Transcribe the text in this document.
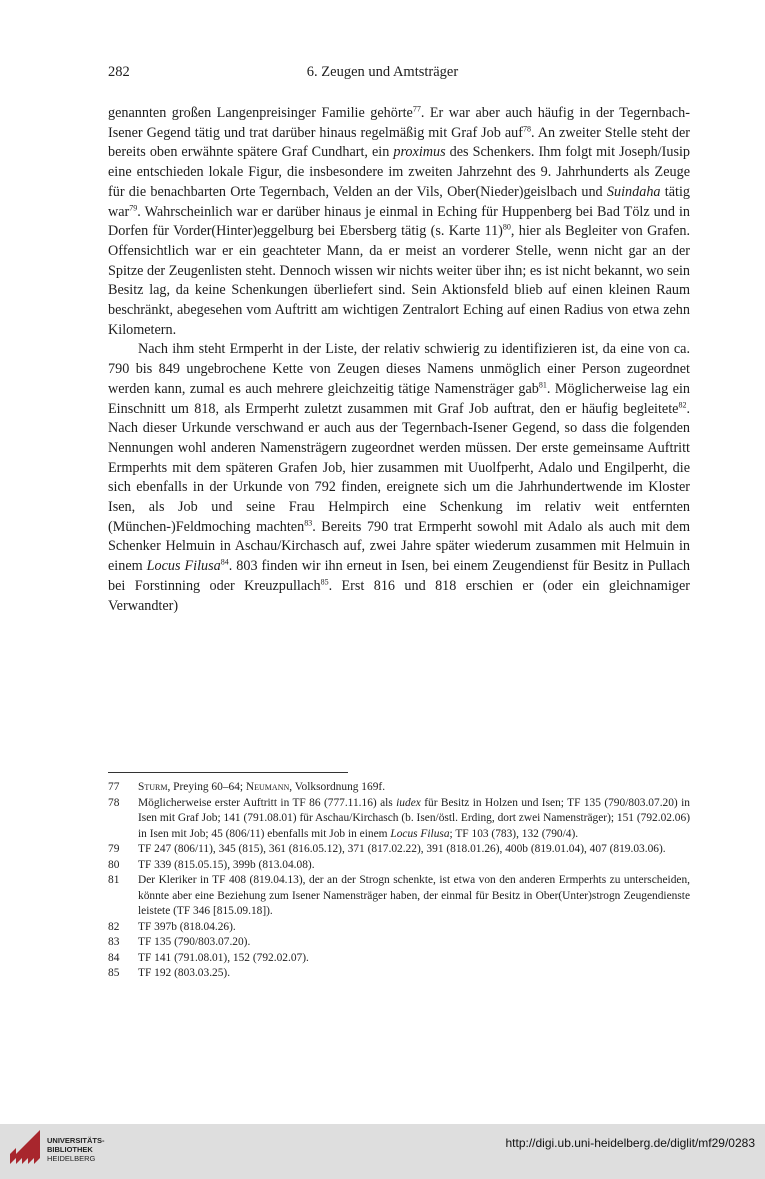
282	6. Zeugen und Amtsträger

genannten großen Langenpreisinger Familie gehörte$^{77}$. Er war aber auch häufig in der Tegernbach-Isener Gegend tätig und trat darüber hinaus regelmäßig mit Graf Job auf$^{78}$. An zweiter Stelle steht der bereits oben erwähnte spätere Graf Cundhart, ein proximus des Schenkers. Ihm folgt mit Joseph/Iusip eine entschieden lokale Figur, die insbesondere im zweiten Jahrzehnt des 9. Jahrhunderts als Zeuge für die benachbarten Orte Tegernbach, Velden an der Vils, Ober(Nieder)geislbach und Suindaha tätig war$^{79}$. Wahrscheinlich war er darüber hinaus je einmal in Eching für Huppenberg bei Bad Tölz und in Dorfen für Vorder(Hinter)eggelburg bei Ebersberg tätig (s. Karte 11)$^{80}$, hier als Begleiter von Grafen. Offensichtlich war er ein geachteter Mann, da er meist an vorderer Stelle, wenn nicht gar an der Spitze der Zeugenlisten steht. Dennoch wissen wir nichts weiter über ihn; es ist nicht bekannt, wo sein Besitz lag, da keine Schenkungen überliefert sind. Sein Aktionsfeld blieb auf einen kleinen Raum beschränkt, abegesehen vom Auftritt am wichtigen Zentralort Eching auf einen Radius von etwa zehn Kilometern.

Nach ihm steht Ermperht in der Liste, der relativ schwierig zu identifizieren ist, da eine von ca. 790 bis 849 ungebrochene Kette von Zeugen dieses Namens unmöglich einer Person zugeordnet werden kann, zumal es auch mehrere gleichzeitig tätige Namensträger gab$^{81}$. Möglicherweise lag ein Einschnitt um 818, als Ermperht zuletzt zusammen mit Graf Job auftrat, den er häufig begleitete$^{82}$. Nach dieser Urkunde verschwand er auch aus der Tegernbach-Isener Gegend, so dass die folgenden Nennungen wohl anderen Namensträgern zugeordnet werden müssen. Der erste gemeinsame Auftritt Ermperhts mit dem späteren Grafen Job, hier zusammen mit Uuolfperht, Adalo und Engilperht, die sich ebenfalls in der Urkunde von 792 finden, ereignete sich um die Jahrhundertwende im Kloster Isen, als Job und seine Frau Helmpirch eine Schenkung im relativ weit entfernten (München-)Feldmoching machten$^{83}$. Bereits 790 trat Ermperht sowohl mit Adalo als auch mit dem Schenker Helmuin in Aschau/Kirchasch auf, zwei Jahre später wiederum zusammen mit Helmuin in einem Locus Filusa$^{84}$. 803 finden wir ihn erneut in Isen, bei einem Zeugendienst für Besitz in Pullach bei Forstinning oder Kreuzpullach$^{85}$. Erst 816 und 818 erschien er (oder ein gleichnamiger Verwandter)

77	Sturm, Preying 60–64; Neumann, Volksordnung 169f.
78	Möglicherweise erster Auftritt in TF 86 (777.11.16) als iudex für Besitz in Holzen und Isen; TF 135 (790/803.07.20) in Isen mit Graf Job; 141 (791.08.01) für Aschau/Kirchasch (b. Isen/östl. Erding, dort zwei Namensträger); 151 (792.02.06) in Isen mit Job; 45 (806/11) ebenfalls mit Job in einem Locus Filusa; TF 103 (783), 132 (790/4).
79	TF 247 (806/11), 345 (815), 361 (816.05.12), 371 (817.02.22), 391 (818.01.26), 400b (819.01.04), 407 (819.03.06).
80	TF 339 (815.05.15), 399b (813.04.08).
81	Der Kleriker in TF 408 (819.04.13), der an der Strogn schenkte, ist etwa von den anderen Ermperhts zu unterscheiden, könnte aber eine Beziehung zum Isener Namensträger haben, der einmal für Besitz in Ober(Unter)strogn Zeugendienste leistete (TF 346 [815.09.18]).
82	TF 397b (818.04.26).
83	TF 135 (790/803.07.20).
84	TF 141 (791.08.01), 152 (792.02.07).
85	TF 192 (803.03.25).
UNIVERSITÄTS-
BIBLIOTHEK
HEIDELBERG
http://digi.ub.uni-heidelberg.de/diglit/mf29/0283
